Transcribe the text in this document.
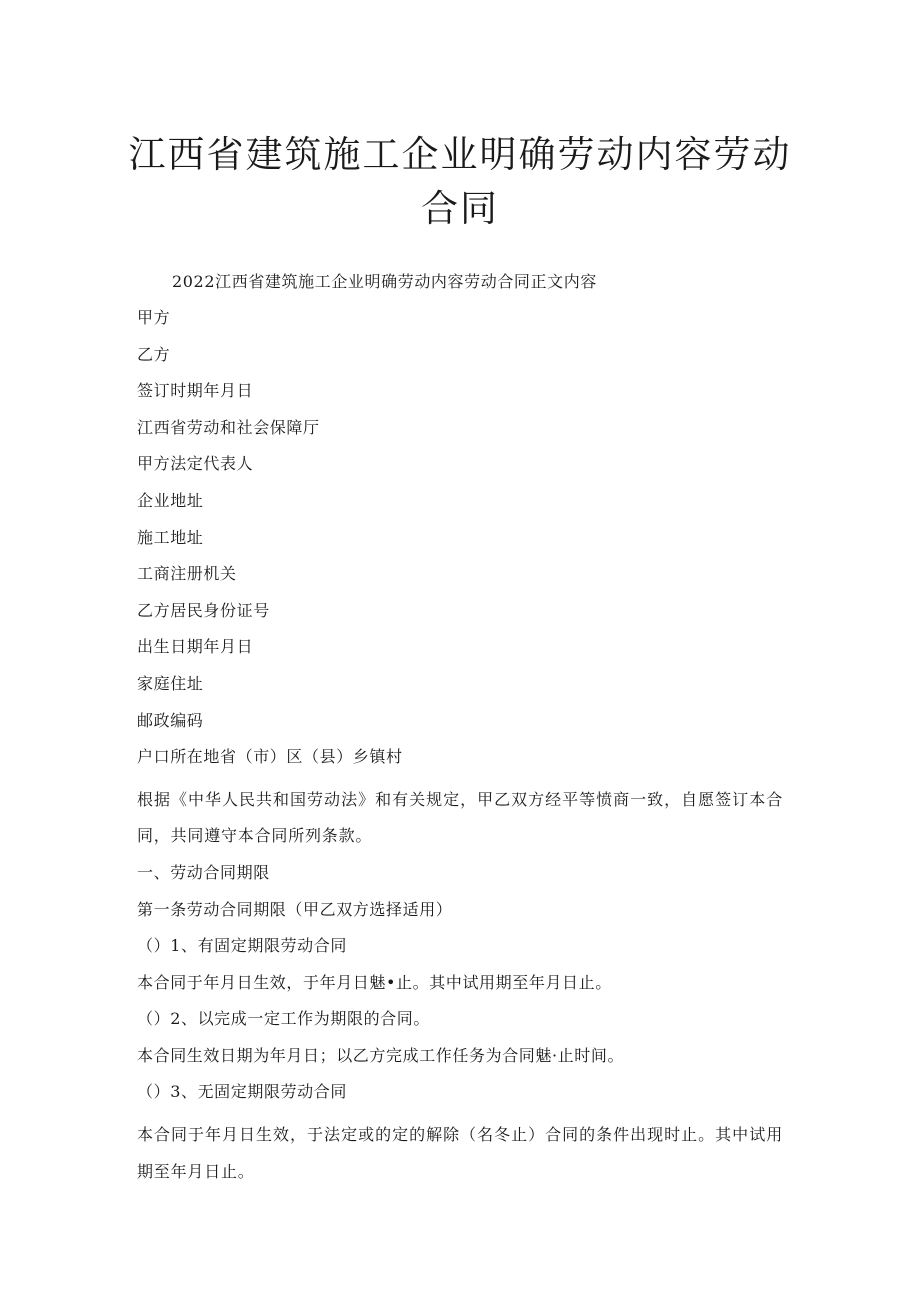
江西省建筑施工企业明确劳动内容劳动合同

2022江西省建筑施工企业明确劳动内容劳动合同正文内容

甲方

乙方

签订时期年月日

江西省劳动和社会保障厅

甲方法定代表人

企业地址

施工地址

工商注册机关

乙方居民身份证号

出生日期年月日

家庭住址

邮政编码

户口所在地省（市）区（县）乡镇村

根据《中华人民共和国劳动法》和有关规定，甲乙双方经平等愤商一致，自愿签订本合同，共同遵守本合同所列条款。

一、劳动合同期限

第一条劳动合同期限（甲乙双方选择适用）

（）1、有固定期限劳动合同

本合同于年月日生效，于年月日魅•止。其中试用期至年月日止。

（）2、以完成一定工作为期限的合同。

本合同生效日期为年月日；以乙方完成工作任务为合同魅·止时间。

（）3、无固定期限劳动合同

本合同于年月日生效，于法定或的定的解除（名冬止）合同的条件出现时止。其中试用期至年月日止。
